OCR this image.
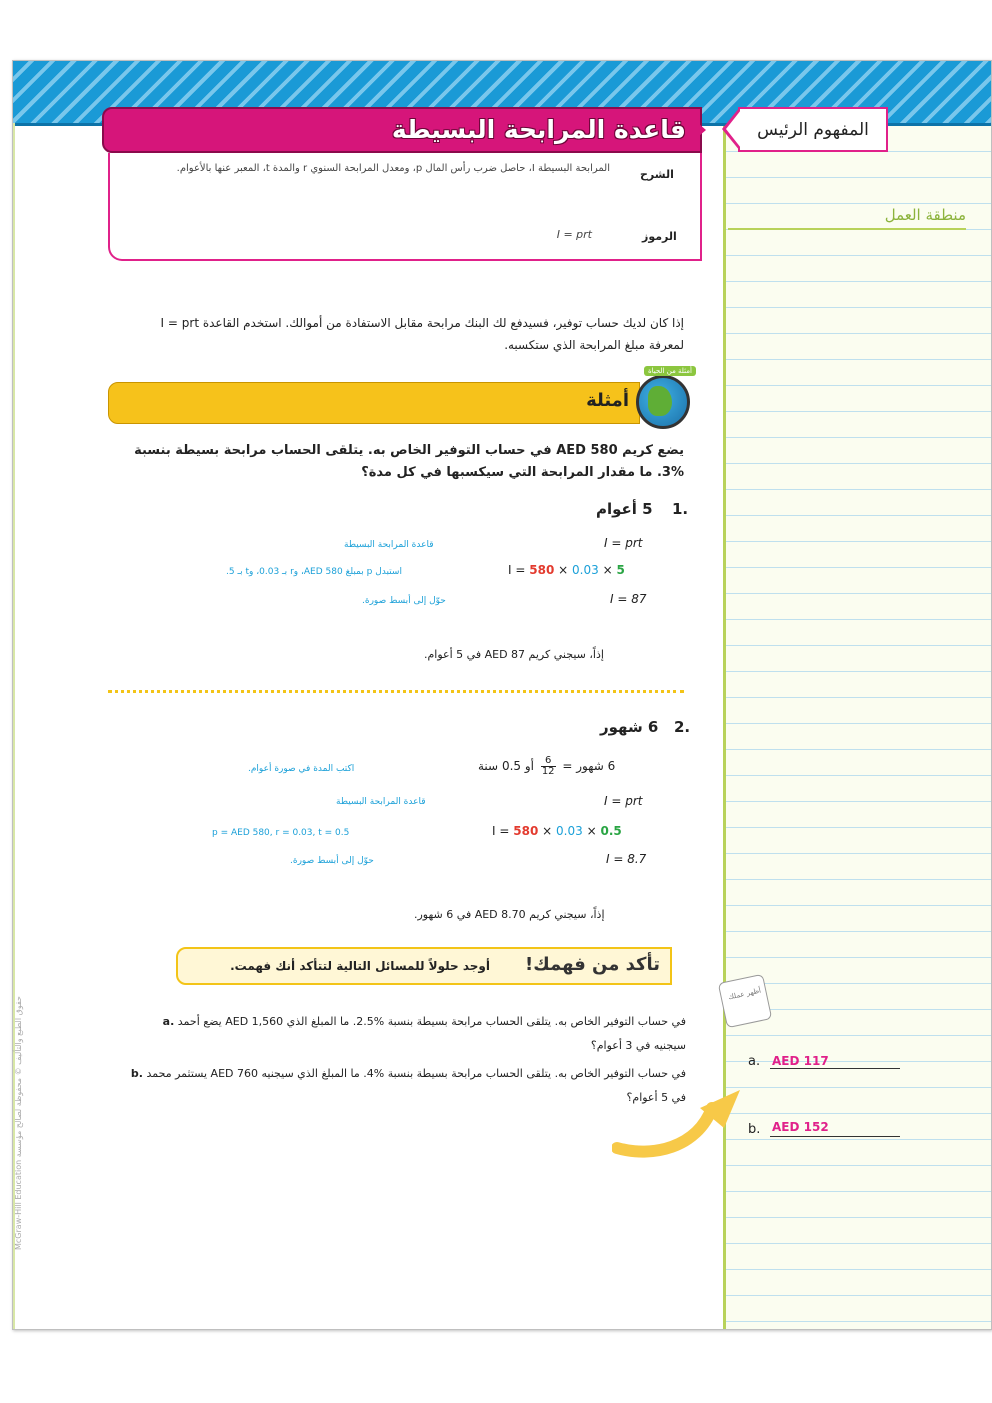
McGraw-Hill Education حقوق الطبع والتأليف © محفوظة لصالح مؤسسة
المفهوم الرئيس
منطقة العمل
قاعدة المرابحة البسيطة
الشرح
المرابحة البسيطة I، حاصل ضرب رأس المال p، ومعدل المرابحة السنوي r والمدة t، المعبر عنها بالأعوام.
الرموز
I = prt
إذا كان لديك حساب توفير، فسيدفع لك البنك مرابحة مقابل الاستفادة من أموالك. استخدم القاعدة I = prt لمعرفة مبلغ المرابحة الذي ستكسبه.
أمثلة
أمثلة من الحياة
يضع كريم AED 580 في حساب التوفير الخاص به. يتلقى الحساب مرابحة بسيطة بنسبة %3. ما مقدار المرابحة التي سيكسبها في كل مدة؟
1.
5 أعوام
I = prt
قاعدة المرابحة البسيطة
I = 580 × 0.03 × 5
استبدل p بمبلغ AED 580، وr بـ 0.03، وt بـ 5.
I = 87
حوّل إلى أبسط صورة.
إذاً، سيجني كريم AED 87 في 5 أعوام.
2.
6 شهور
6 شهور =
$\frac{6}{12}$
أو 0.5 سنة
اكتب المدة في صورة أعوام.
I = prt
قاعدة المرابحة البسيطة
I = 580 × 0.03 × 0.5
p = AED 580, r = 0.03, t = 0.5
I = 8.7
حوّل إلى أبسط صورة.
إذاً، سيجني كريم AED 8.70 في 6 شهور.
تأكد من فهمك!
أوجد حلولاً للمسائل التالية لتتأكد أنك فهمت.
a. يضع أحمد AED 1,560 في حساب التوفير الخاص به. يتلقى الحساب مرابحة بسيطة بنسبة %2.5. ما المبلغ الذي سيجنيه في 3 أعوام؟
b. يستثمر محمد AED 760 في حساب التوفير الخاص به. يتلقى الحساب مرابحة بسيطة بنسبة %4. ما المبلغ الذي سيجنيه في 5 أعوام؟
أظهر عملك
a. AED 117
b. AED 152
